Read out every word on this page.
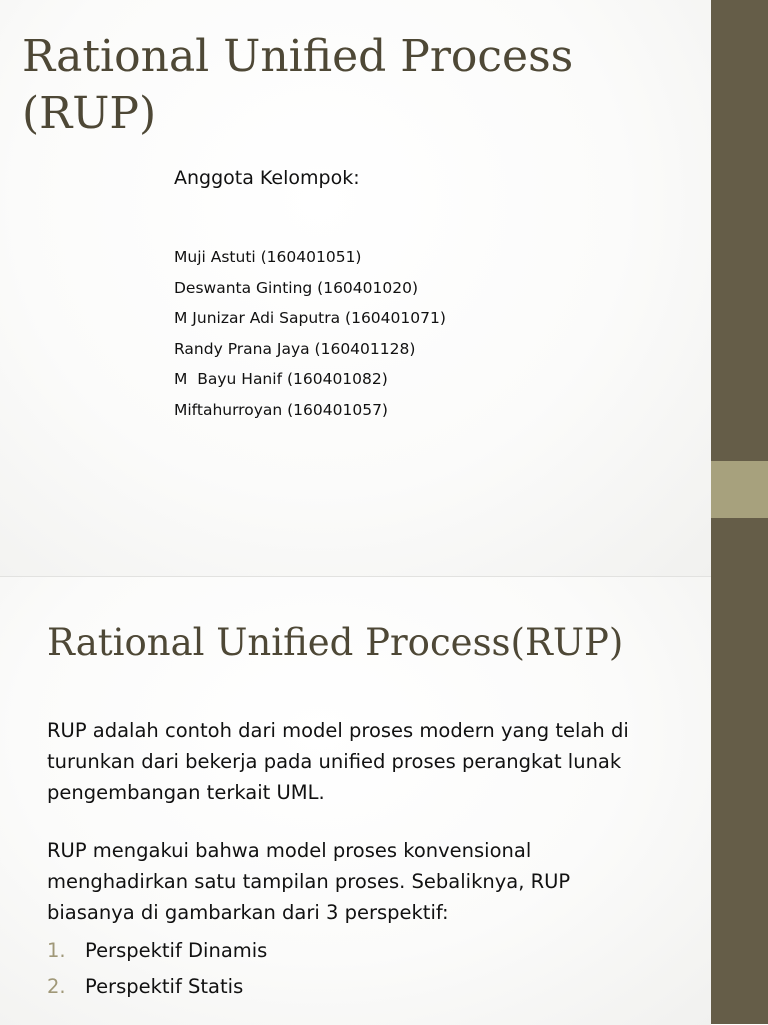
Rational Unified Process
(RUP)
Anggota Kelompok:
Muji Astuti (160401051)
Deswanta Ginting (160401020)
M Junizar Adi Saputra (160401071)
Randy Prana Jaya (160401128)
M  Bayu Hanif (160401082)
Miftahurroyan (160401057)
Rational Unified Process(RUP)

RUP adalah contoh dari model proses modern yang telah di
turunkan dari bekerja pada unified proses perangkat lunak
pengembangan terkait UML.

RUP mengakui bahwa model proses konvensional
menghadirkan satu tampilan proses. Sebaliknya, RUP
biasanya di gambarkan dari 3 perspektif:

1. Perspektif Dinamis
2. Perspektif Statis
